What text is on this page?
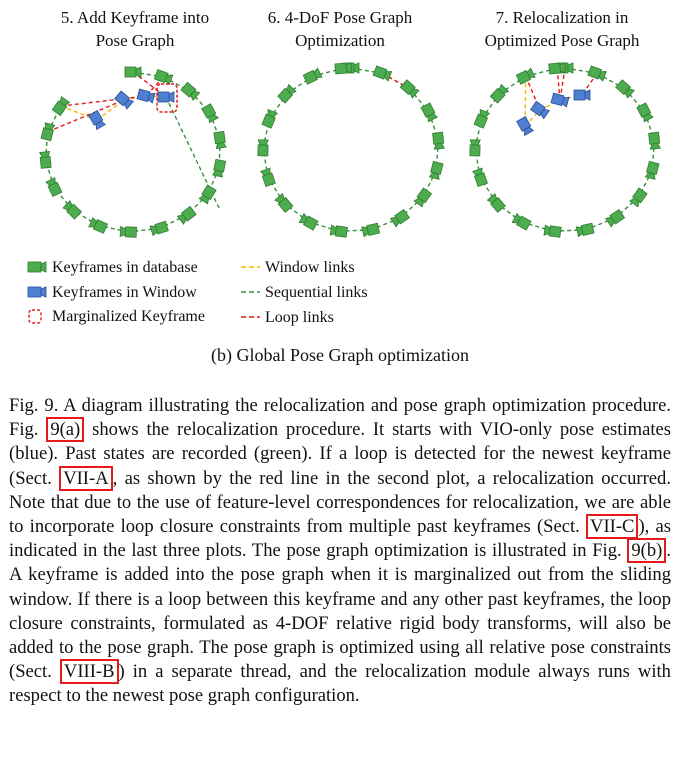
5. Add Keyframe into
Pose Graph
6. 4-DoF Pose Graph
Optimization
7. Relocalization in
Optimized Pose Graph
Keyframes in database
Keyframes in Window
Marginalized Keyframe
Window links
Sequential links
Loop links
(b) Global Pose Graph optimization
Fig. 9. A diagram illustrating the relocalization and pose graph optimization procedure. Fig. 9(a) shows the relocalization procedure. It starts with VIO-only pose estimates (blue). Past states are recorded (green). If a loop is detected for the newest keyframe (Sect. VII-A , as shown by the red line in the second plot, a relocalization occurred. Note that due to the use of feature-level correspondences for relocalization, we are able to incorporate loop closure constraints from multiple past keyframes (Sect. VII-C ), as indicated in the last three plots. The pose graph optimization is illustrated in Fig. 9(b) . A keyframe is added into the pose graph when it is marginalized out from the sliding window. If there is a loop between this keyframe and any other past keyframes, the loop closure constraints, formulated as 4-DOF relative rigid body transforms, will also be added to the pose graph. The pose graph is optimized using all relative pose constraints (Sect. VIII-B ) in a separate thread, and the relocalization module always runs with respect to the newest pose graph configuration.
